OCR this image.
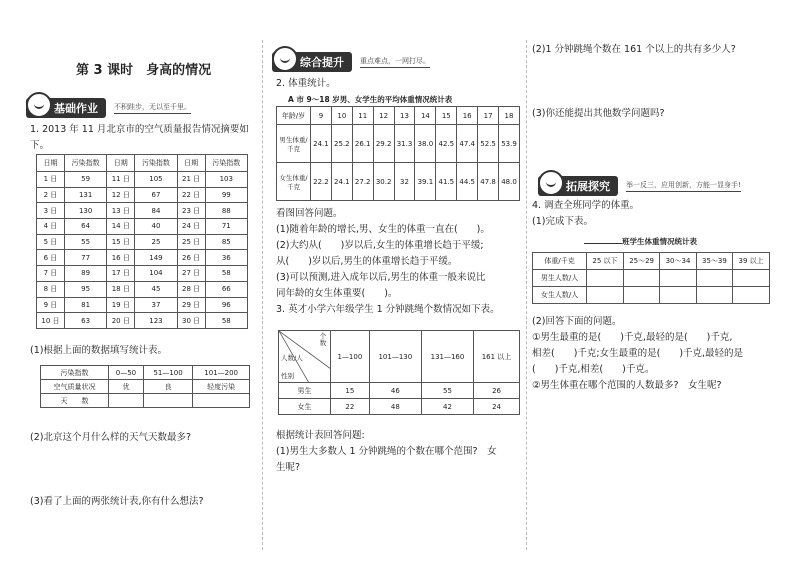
第 3 课时　身高的情况
基础作业	不积跬步，无以至千里。
1. 2013 年 11 月北京市的空气质量报告情况摘要如下。
日期	污染指数	日期	污染指数	日期	污染指数
1 日	59	11 日	105	21 日	103
2 日	131	12 日	67	22 日	99
3 日	130	13 日	84	23 日	88
4 日	64	14 日	40	24 日	71
5 日	55	15 日	25	25 日	85
6 日	77	16 日	149	26 日	36
7 日	89	17 日	104	27 日	58
8 日	95	18 日	45	28 日	66
9 日	81	19 日	37	29 日	96
10 日	63	20 日	123	30 日	58
(1)根据上面的数据填写统计表。
污染指数	0—50	51—100	101—200
空气质量状况	优	良	轻度污染
天　　数			
(2)北京这个月什么样的天气天数最多?
(3)看了上面的两张统计表,你有什么想法?
综合提升	重点难点，一网打尽。
2. 体重统计。
A 市 9～18 岁男、女学生的平均体重情况统计表
年龄/岁	9	10	11	12	13	14	15	16	17	18
男生体重/千克	24.1	25.2	26.1	29.2	31.3	38.0	42.5	47.4	52.5	53.9
女生体重/千克	22.2	24.1	27.2	30.2	32	39.1	41.5	44.5	47.8	48.0
看图回答问题。
(1)随着年龄的增长,男、女生的体重一直在(　　)。
(2)大约从(　　)岁以后,女生的体重增长趋于平缓;
从(　　)岁以后,男生的体重增长趋于平缓。
(3)可以预测,进入成年以后,男生的体重一般来说比
同年龄的女生体重要(　　)。
3. 英才小学六年级学生 1 分钟跳绳个数情况如下表。
个数
人数/人
性别	1—100	101—130	131—160	161 以上
男生	15	46	55	26
女生	22	48	42	24
根据统计表回答问题:
(1)男生大多数人 1 分钟跳绳的个数在哪个范围?　女
生呢?
(2)1 分钟跳绳个数在 161 个以上的共有多少人?
(3)你还能提出其他数学问题吗?
拓展探究	举一反三，应用创新，方能一显身手!
4. 调查全班同学的体重。
(1)完成下表。
班学生体重情况统计表
体重/千克	25 以下	25～29	30～34	35～39	39 以上
男生人数/人					
女生人数/人					
(2)回答下面的问题。
①男生最重的是(　　)千克,最轻的是(　　)千克,
相差(　　)千克;女生最重的是(　　)千克,最轻的是
(　　)千克,相差(　　)千克。
②男生体重在哪个范围的人数最多?　女生呢?
